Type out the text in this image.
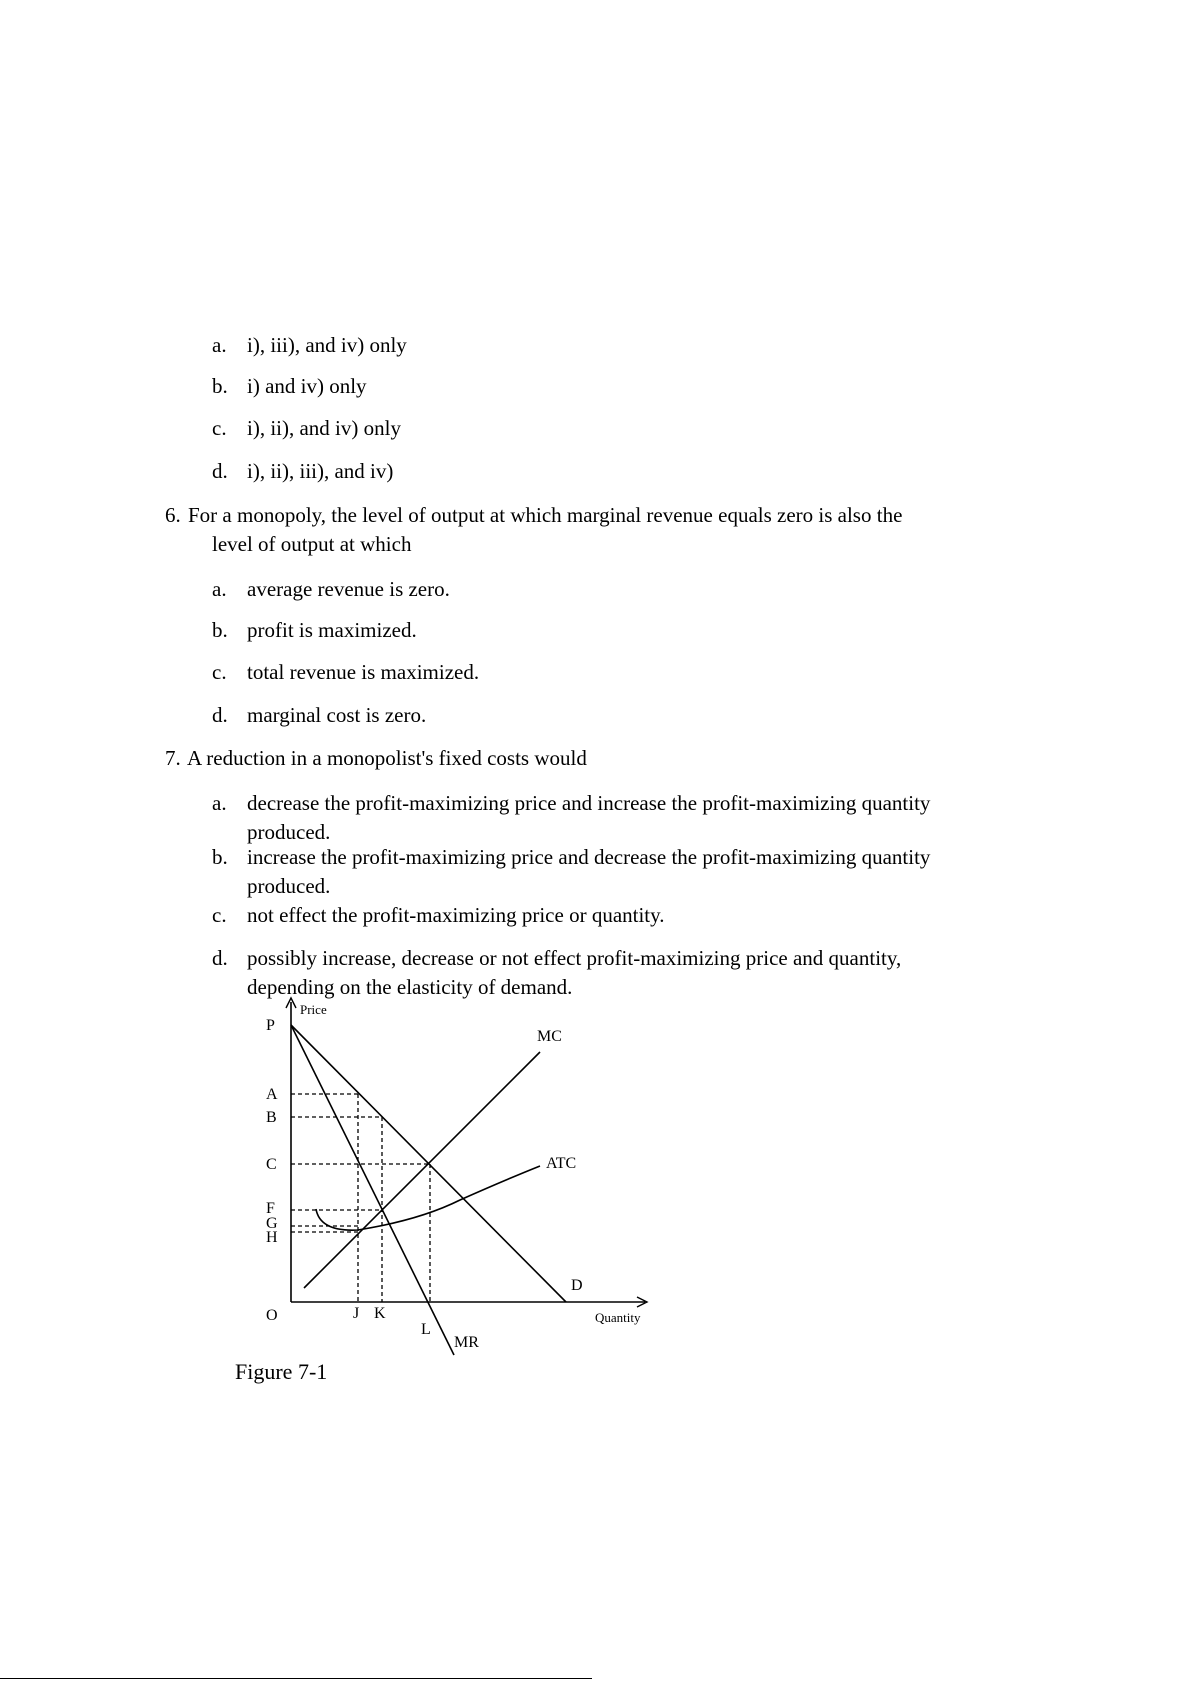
a. i), iii), and iv) only
b. i) and iv) only
c. i), ii), and iv) only
d. i), ii), iii), and iv)
6. For a monopoly, the level of output at which marginal revenue equals zero is also the
level of output at which
a. average revenue is zero.
b. profit is maximized.
c. total revenue is maximized.
d. marginal cost is zero.
7. A reduction in a monopolist's fixed costs would
a. decrease the profit-maximizing price and increase the profit-maximizing quantity
produced.
b. increase the profit-maximizing price and decrease the profit-maximizing quantity
produced.
c. not effect the profit-maximizing price or quantity.
d. possibly increase, decrease or not effect profit-maximizing price and quantity,
depending on the elasticity of demand.
Price
Quantity
P
A
B
C
F
G
H
O	J K
L
MC
ATC
D
MR
Figure 7-1
